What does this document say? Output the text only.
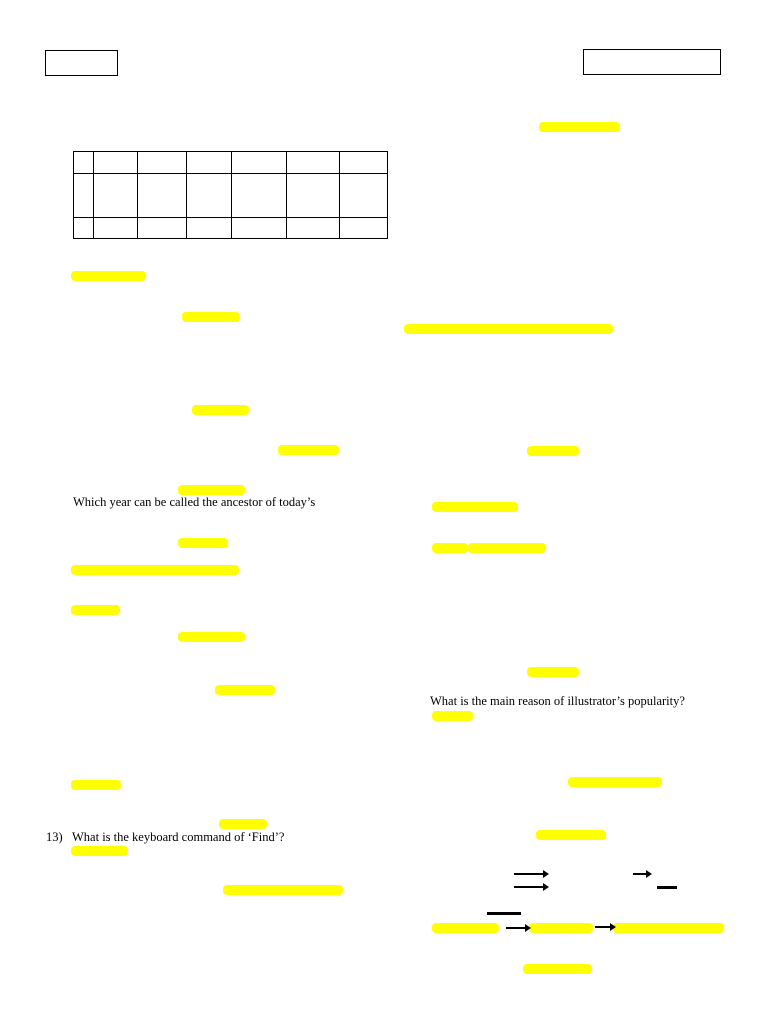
Which year can be called the ancestor of today’s
What is the main reason of illustrator’s popularity?
13) What is the keyboard command of ‘Find’?
